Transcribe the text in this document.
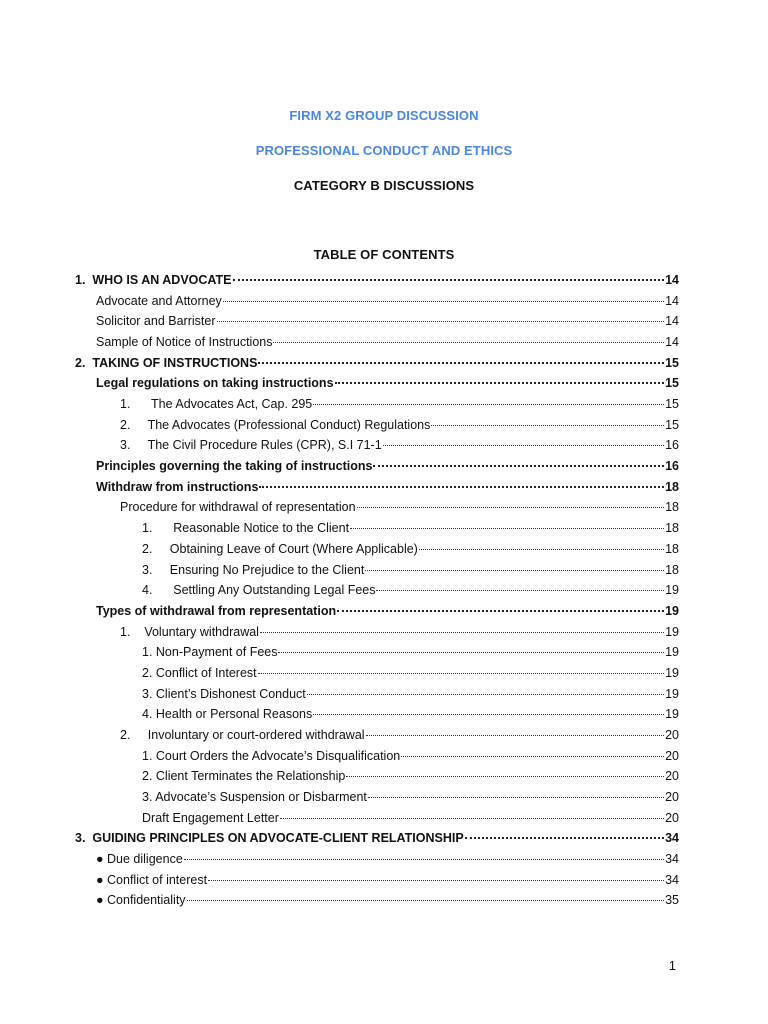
FIRM X2 GROUP DISCUSSION
PROFESSIONAL CONDUCT AND ETHICS
CATEGORY B DISCUSSIONS
TABLE OF CONTENTS
1.  WHO IS AN ADVOCATE	14
Advocate and Attorney	14
Solicitor and Barrister	14
Sample of Notice of Instructions	14
2.  TAKING OF INSTRUCTIONS	15
Legal regulations on taking instructions	15
1.      The Advocates Act, Cap. 295	15
2.     The Advocates (Professional Conduct) Regulations	15
3.     The Civil Procedure Rules (CPR), S.I 71-1	16
Principles governing the taking of instructions	16
Withdraw from instructions	18
Procedure for withdrawal of representation	18
1.      Reasonable Notice to the Client	18
2.     Obtaining Leave of Court (Where Applicable)	18
3.     Ensuring No Prejudice to the Client	18
4.      Settling Any Outstanding Legal Fees	19
Types of withdrawal from representation	19
1.    Voluntary withdrawal	19
1. Non-Payment of Fees	19
2. Conflict of Interest	19
3. Client’s Dishonest Conduct	19
4. Health or Personal Reasons	19
2.     Involuntary or court-ordered withdrawal	20
1. Court Orders the Advocate’s Disqualification	20
2. Client Terminates the Relationship	20
3. Advocate’s Suspension or Disbarment	20
Draft Engagement Letter	20
3.  GUIDING PRINCIPLES ON ADVOCATE-CLIENT RELATIONSHIP	34
● Due diligence	34
● Conflict of interest	34
● Confidentiality	35
1
